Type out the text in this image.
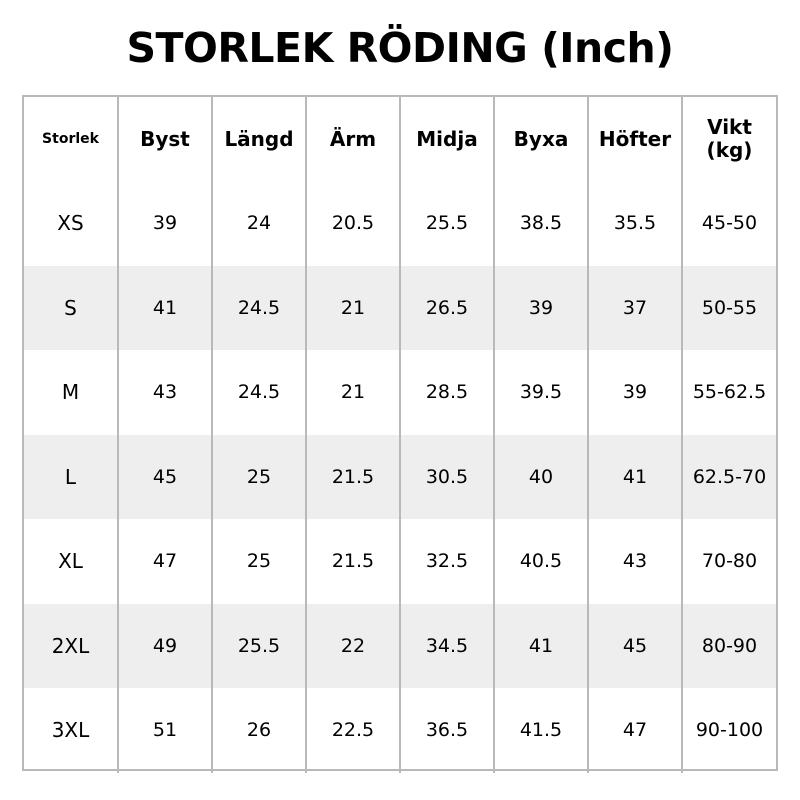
STORLEK RÖDING (Inch)
Storlek	Byst	Längd	Ärm	Midja	Byxa	Höfter	Vikt
(kg)

XS	39	24	20.5	25.5	38.5	35.5	45-50
S	41	24.5	21	26.5	39	37	50-55
M	43	24.5	21	28.5	39.5	39	55-62.5
L	45	25	21.5	30.5	40	41	62.5-70
XL	47	25	21.5	32.5	40.5	43	70-80
2XL	49	25.5	22	34.5	41	45	80-90
3XL	51	26	22.5	36.5	41.5	47	90-100
